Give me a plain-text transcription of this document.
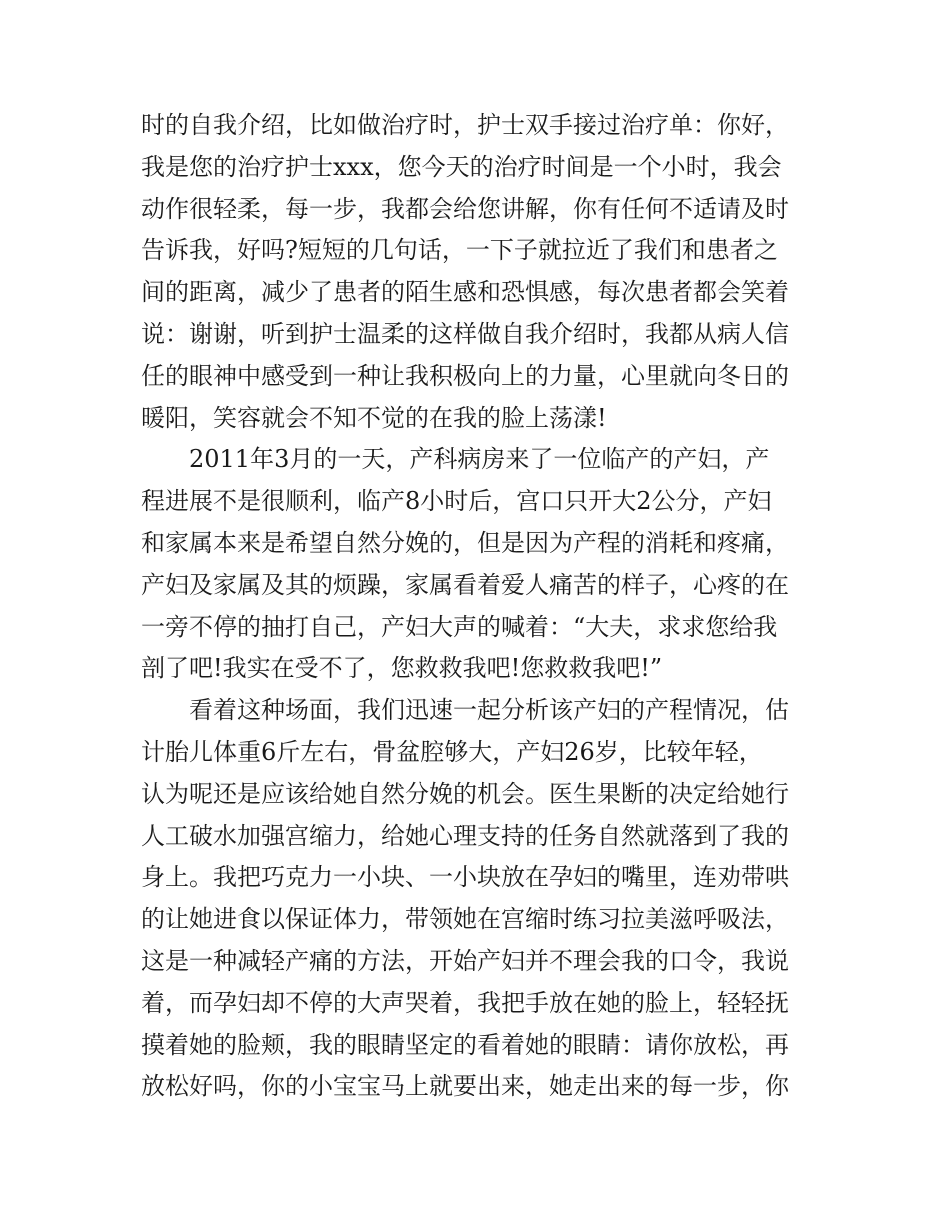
时的自我介绍，比如做治疗时，护士双手接过治疗单：你好，
我是您的治疗护士xxx，您今天的治疗时间是一个小时，我会
动作很轻柔，每一步，我都会给您讲解，你有任何不适请及时
告诉我，好吗?短短的几句话，一下子就拉近了我们和患者之
间的距离，减少了患者的陌生感和恐惧感，每次患者都会笑着
说：谢谢，听到护士温柔的这样做自我介绍时，我都从病人信
任的眼神中感受到一种让我积极向上的力量，心里就向冬日的
暖阳，笑容就会不知不觉的在我的脸上荡漾!
2011年3月的一天，产科病房来了一位临产的产妇，产
程进展不是很顺利，临产8小时后，宫口只开大2公分，产妇
和家属本来是希望自然分娩的，但是因为产程的消耗和疼痛，
产妇及家属及其的烦躁，家属看着爱人痛苦的样子，心疼的在
一旁不停的抽打自己，产妇大声的喊着：“大夫，求求您给我
剖了吧!我实在受不了，您救救我吧!您救救我吧!”
看着这种场面，我们迅速一起分析该产妇的产程情况，估
计胎儿体重6斤左右，骨盆腔够大，产妇26岁，比较年轻，
认为呢还是应该给她自然分娩的机会。医生果断的决定给她行
人工破水加强宫缩力，给她心理支持的任务自然就落到了我的
身上。我把巧克力一小块、一小块放在孕妇的嘴里，连劝带哄
的让她进食以保证体力，带领她在宫缩时练习拉美滋呼吸法，
这是一种减轻产痛的方法，开始产妇并不理会我的口令，我说
着，而孕妇却不停的大声哭着，我把手放在她的脸上，轻轻抚
摸着她的脸颊，我的眼睛坚定的看着她的眼睛：请你放松，再
放松好吗，你的小宝宝马上就要出来，她走出来的每一步，你
